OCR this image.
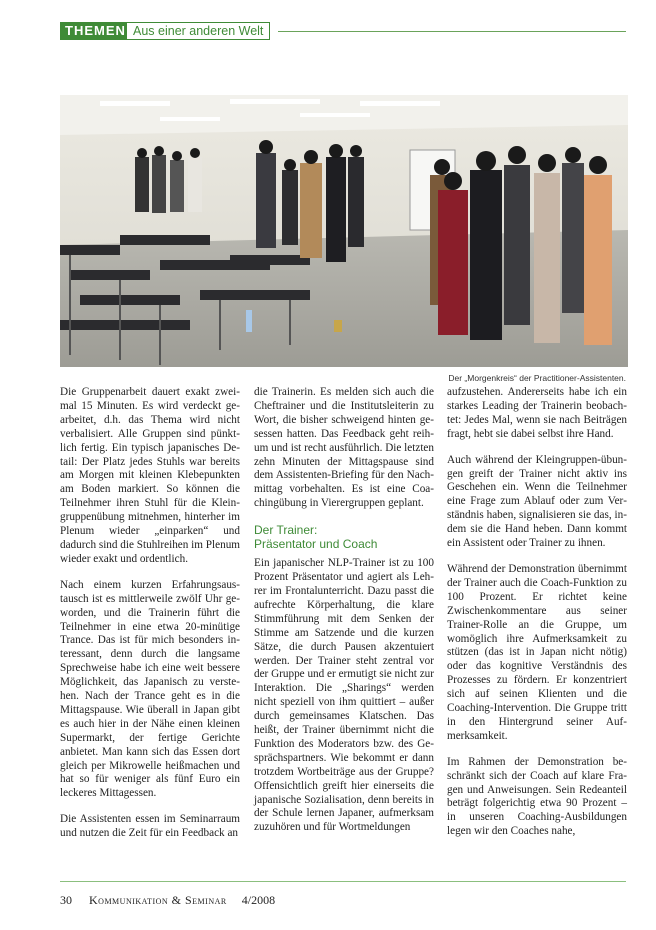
THEMEN Aus einer anderen Welt
Der „Morgenkreis“ der Practitioner-Assistenten.

Die Gruppenarbeit dauert exakt zweimal 15 Minuten. Es wird verdeckt gearbeitet, d.h. das Thema wird nicht verbalisiert. Alle Gruppen sind pünktlich fertig. Ein typisch japanisches Detail: Der Platz jedes Stuhls war bereits am Morgen mit kleinen Klebepunkten am Boden markiert. So können die Teilnehmer ihren Stuhl für die Kleingruppenübung mitnehmen, hinterher im Plenum wieder „einparken“ und dadurch sind die Stuhlreihen im Plenum wieder exakt und ordentlich.

Nach einem kurzen Erfahrungsaustausch ist es mittlerweile zwölf Uhr geworden, und die Trainerin führt die Teilnehmer in eine etwa 20-minütige Trance. Das ist für mich besonders interessant, denn durch die langsame Sprechweise habe ich eine weit bessere Möglichkeit, das Japanisch zu verstehen. Nach der Trance geht es in die Mittagspause. Wie überall in Japan gibt es auch hier in der Nähe einen kleinen Supermarkt, der fertige Gerichte anbietet. Man kann sich das Essen dort gleich per Mikrowelle heißmachen und hat so für weniger als fünf Euro ein leckeres Mittagessen.

Die Assistenten essen im Seminarraum und nutzen die Zeit für ein Feedback an

die Trainerin. Es melden sich auch die Cheftrainer und die Institutsleiterin zu Wort, die bisher schweigend hinten gesessen hatten. Das Feedback geht reihum und ist recht ausführlich. Die letzten zehn Minuten der Mittagspause sind dem Assistenten-Briefing für den Nachmittag vorbehalten. Es ist eine Coachingübung in Vierergruppen geplant.

Der Trainer:
Präsentator und Coach

Ein japanischer NLP-Trainer ist zu 100 Prozent Präsentator und agiert als Lehrer im Frontalunterricht. Dazu passt die aufrechte Körperhaltung, die klare Stimmführung mit dem Senken der Stimme am Satzende und die kurzen Sätze, die durch Pausen akzentuiert werden. Der Trainer steht zentral vor der Gruppe und er ermutigt sie nicht zur Interaktion. Die „Sharings“ werden nicht speziell von ihm quittiert – außer durch gemeinsames Klatschen. Das heißt, der Trainer übernimmt nicht die Funktion des Moderators bzw. des Gesprächspartners. Wie bekommt er dann trotzdem Wortbeiträge aus der Gruppe? Offensichtlich greift hier einerseits die japanische Sozialisation, denn bereits in der Schule lernen Japaner, aufmerksam zuzuhören und für Wortmeldungen

aufzustehen. Andererseits habe ich ein starkes Leading der Trainerin beobachtet: Jedes Mal, wenn sie nach Beiträgen fragt, hebt sie dabei selbst ihre Hand.

Auch während der Kleingruppen-übungen greift der Trainer nicht aktiv ins Geschehen ein. Wenn die Teilnehmer eine Frage zum Ablauf oder zum Verständnis haben, signalisieren sie das, indem sie die Hand heben. Dann kommt ein Assistent oder Trainer zu ihnen.

Während der Demonstration übernimmt der Trainer auch die Coach-Funktion zu 100 Prozent. Er richtet keine Zwischenkommentare aus seiner Trainer-Rolle an die Gruppe, um womöglich ihre Aufmerksamkeit zu stützen (das ist in Japan nicht nötig) oder das kognitive Verständnis des Prozesses zu fördern. Er konzentriert sich auf seinen Klienten und die Coaching-Intervention. Die Gruppe tritt in den Hintergrund seiner Aufmerksamkeit.

Im Rahmen der Demonstration beschränkt sich der Coach auf klare Fragen und Anweisungen. Sein Redeanteil beträgt folgerichtig etwa 90 Prozent – in unseren Coaching-Ausbildungen legen wir den Coaches nahe,

30 Kommunikation & Seminar 4/2008
